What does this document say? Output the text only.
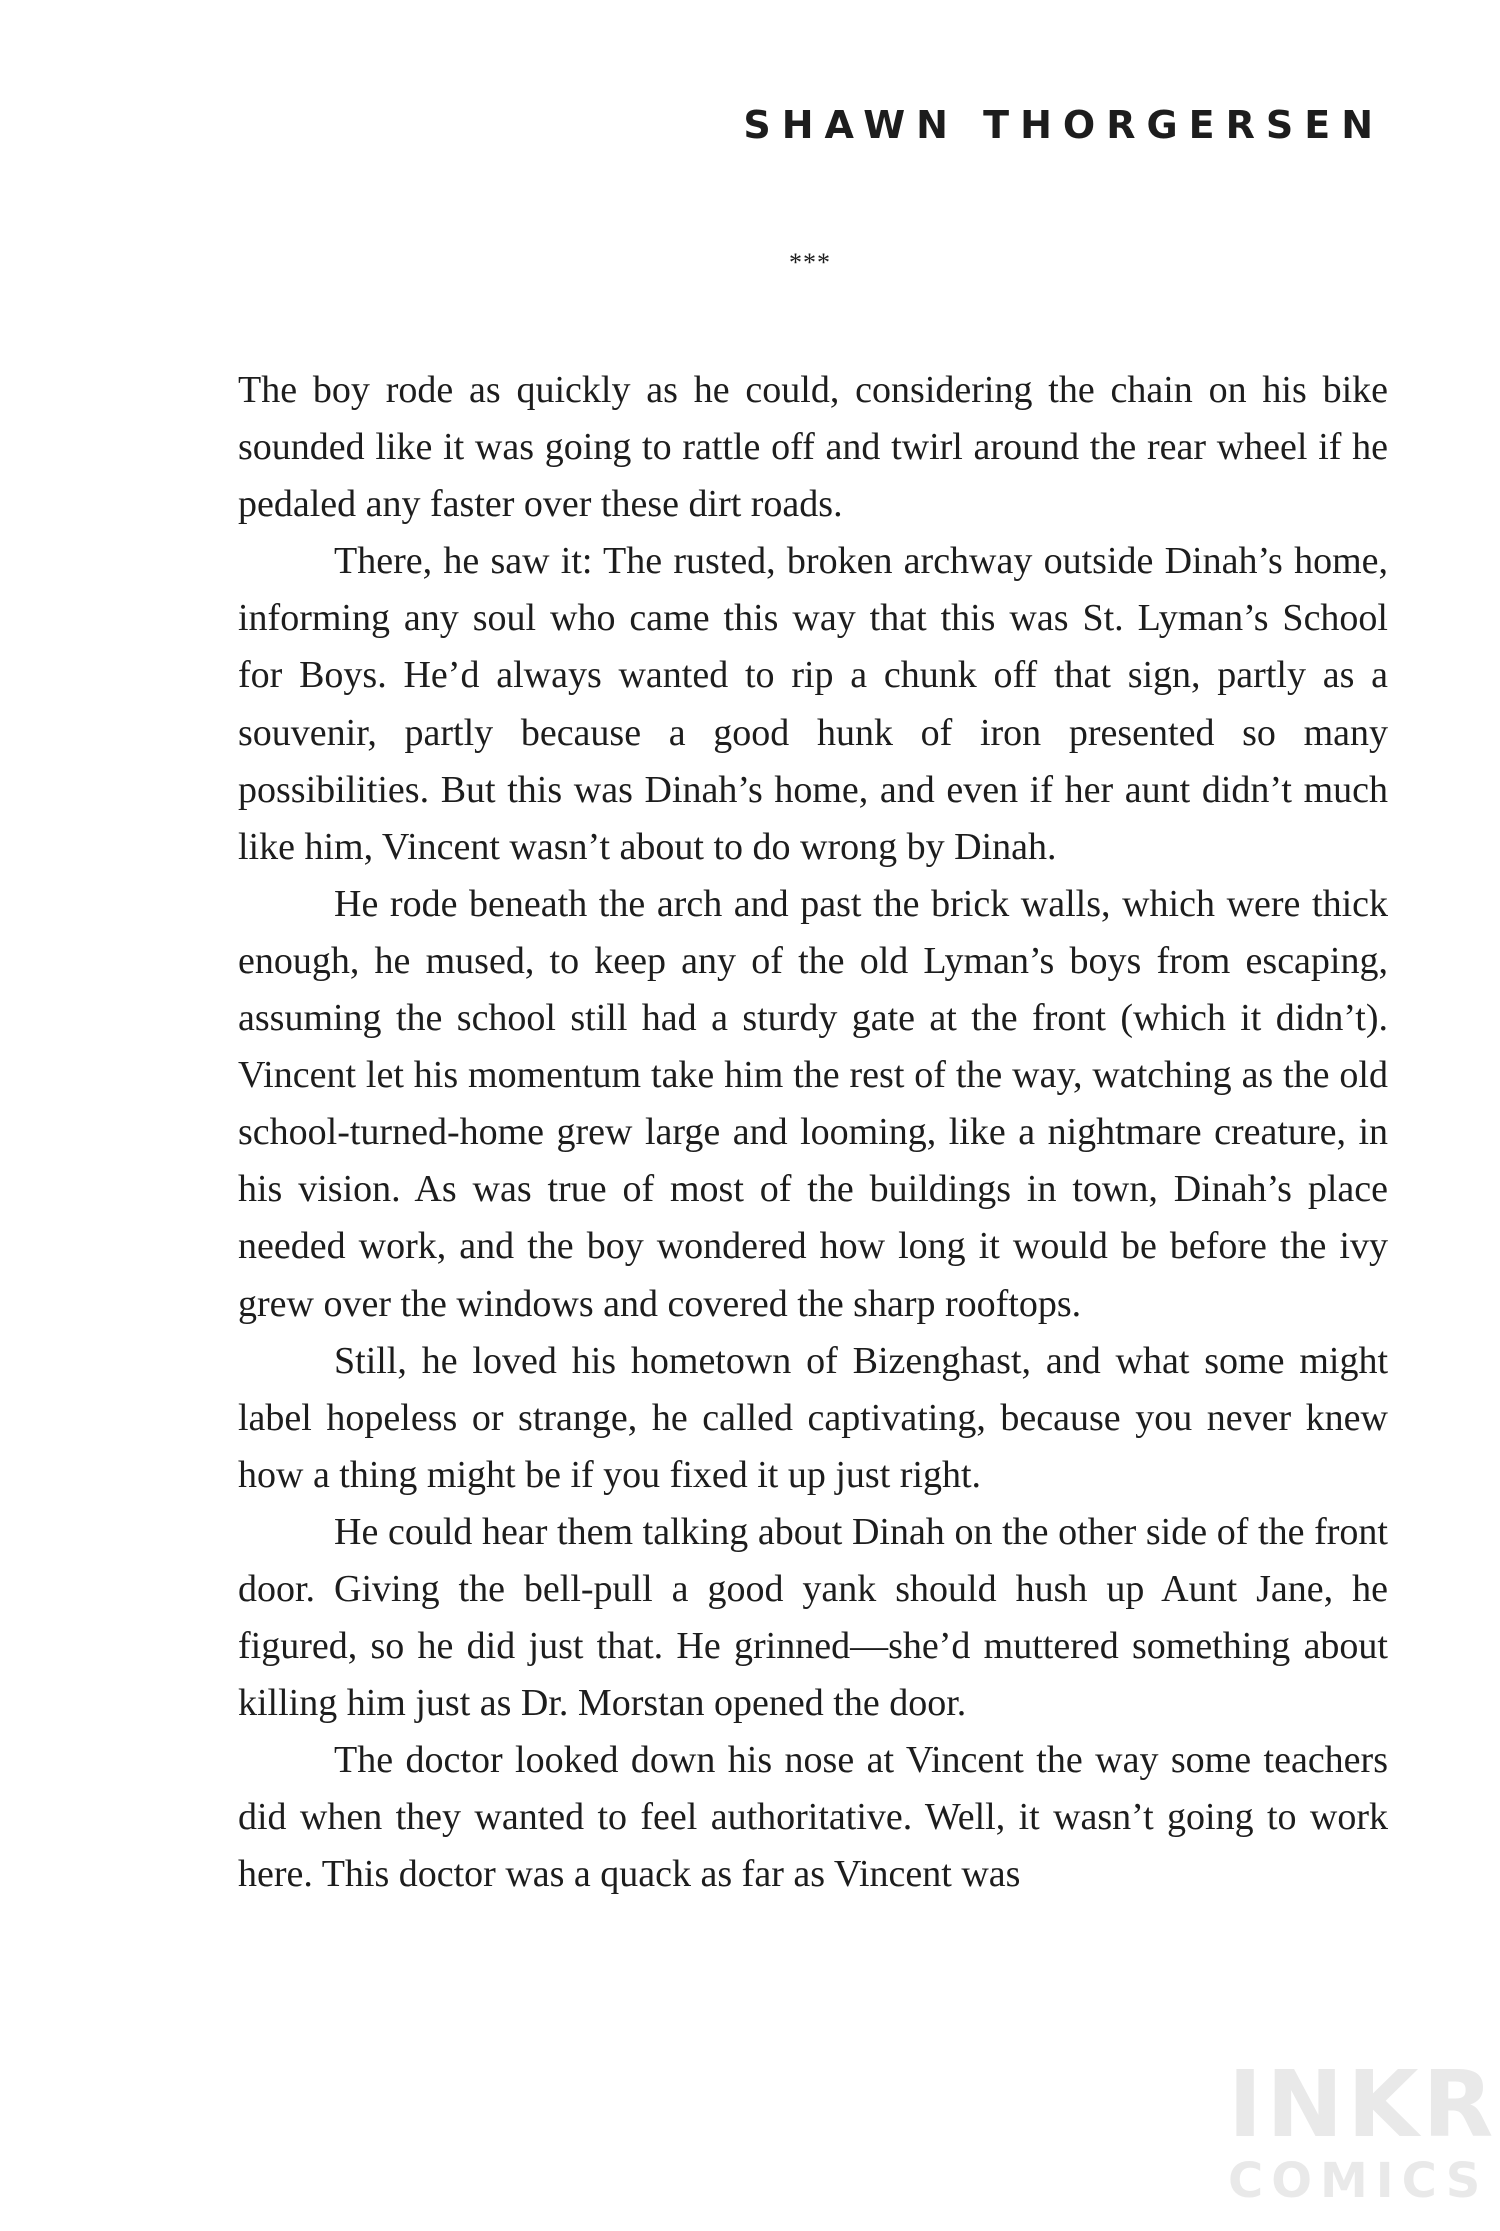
SHAWN THORGERSEN
***

The boy rode as quickly as he could, considering the chain on his bike sounded like it was going to rattle off and twirl around the rear wheel if he pedaled any faster over these dirt roads.

There, he saw it: The rusted, broken archway outside Dinah’s home, informing any soul who came this way that this was St. Lyman’s School for Boys. He’d always wanted to rip a chunk off that sign, partly as a souvenir, partly because a good hunk of iron presented so many possibilities. But this was Dinah’s home, and even if her aunt didn’t much like him, Vincent wasn’t about to do wrong by Dinah.

He rode beneath the arch and past the brick walls, which were thick enough, he mused, to keep any of the old Lyman’s boys from escaping, assuming the school still had a sturdy gate at the front (which it didn’t). Vincent let his momentum take him the rest of the way, watching as the old school-turned-home grew large and looming, like a nightmare creature, in his vision. As was true of most of the buildings in town, Dinah’s place needed work, and the boy wondered how long it would be before the ivy grew over the windows and covered the sharp rooftops.

Still, he loved his hometown of Bizenghast, and what some might label hopeless or strange, he called captivating, because you never knew how a thing might be if you fixed it up just right.

He could hear them talking about Dinah on the other side of the front door. Giving the bell-pull a good yank should hush up Aunt Jane, he figured, so he did just that. He grinned—she’d muttered something about killing him just as Dr. Morstan opened the door.

The doctor looked down his nose at Vincent the way some teachers did when they wanted to feel authoritative. Well, it wasn’t going to work here. This doctor was a quack as far as Vincent was

INKR
COMICS
